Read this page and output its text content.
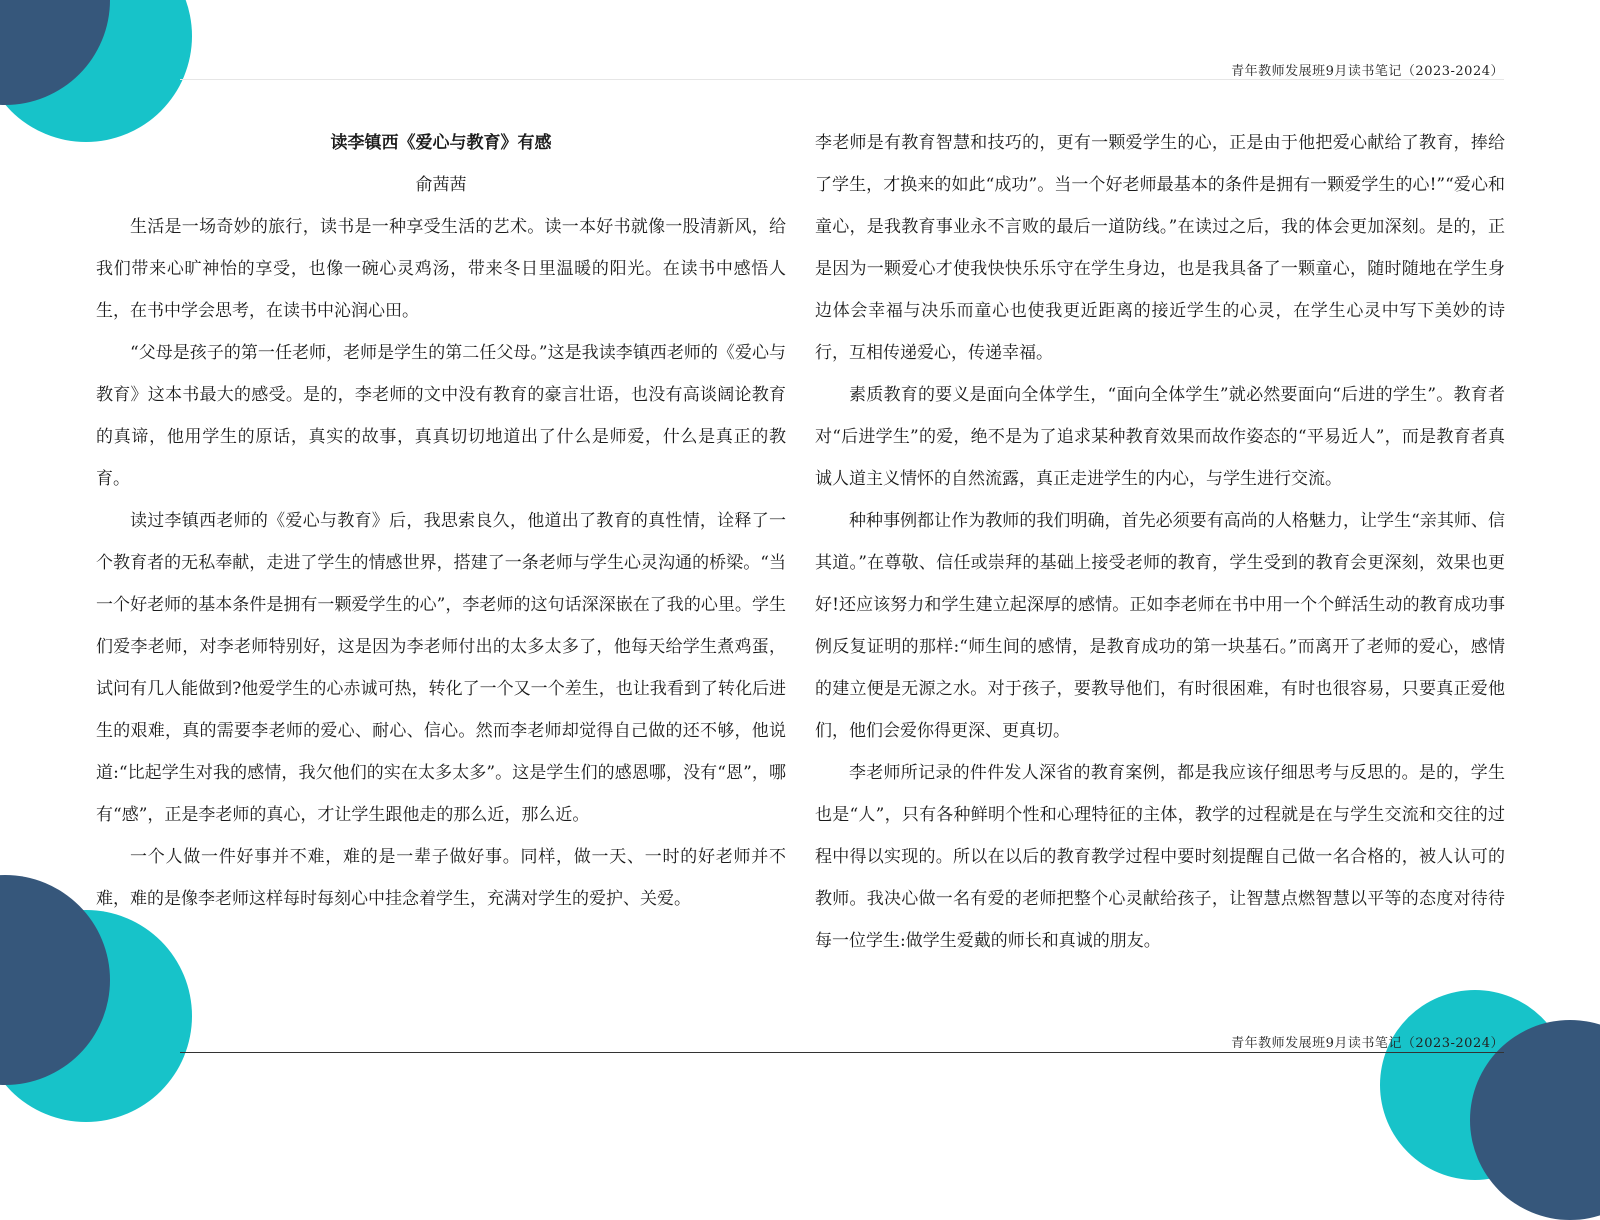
青年教师发展班9月读书笔记（2023-2024）

读李镇西《爱心与教育》有感

俞茜茜

生活是一场奇妙的旅行，读书是一种享受生活的艺术。读一本好书就像一股清新风，给我们带来心旷神怡的享受，也像一碗心灵鸡汤，带来冬日里温暖的阳光。在读书中感悟人生，在书中学会思考，在读书中沁润心田。

“父母是孩子的第一任老师，老师是学生的第二任父母。”这是我读李镇西老师的《爱心与教育》这本书最大的感受。是的，李老师的文中没有教育的豪言壮语，也没有高谈阔论教育的真谛，他用学生的原话，真实的故事，真真切切地道出了什么是师爱，什么是真正的教育。

读过李镇西老师的《爱心与教育》后，我思索良久，他道出了教育的真性情，诠释了一个教育者的无私奉献，走进了学生的情感世界，搭建了一条老师与学生心灵沟通的桥梁。“当一个好老师的基本条件是拥有一颗爱学生的心”，李老师的这句话深深嵌在了我的心里。学生们爱李老师，对李老师特别好，这是因为李老师付出的太多太多了，他每天给学生煮鸡蛋，试问有几人能做到?他爱学生的心赤诚可热，转化了一个又一个差生，也让我看到了转化后进生的艰难，真的需要李老师的爱心、耐心、信心。然而李老师却觉得自己做的还不够，他说道:“比起学生对我的感情，我欠他们的实在太多太多”。这是学生们的感恩哪，没有“恩”，哪有“感”，正是李老师的真心，才让学生跟他走的那么近，那么近。

一个人做一件好事并不难，难的是一辈子做好事。同样，做一天、一时的好老师并不难，难的是像李老师这样每时每刻心中挂念着学生，充满对学生的爱护、关爱。

李老师是有教育智慧和技巧的，更有一颗爱学生的心，正是由于他把爱心献给了教育，捧给了学生，才换来的如此“成功”。当一个好老师最基本的条件是拥有一颗爱学生的心!”“爱心和童心，是我教育事业永不言败的最后一道防线。”在读过之后，我的体会更加深刻。是的，正是因为一颗爱心才使我快快乐乐守在学生身边，也是我具备了一颗童心，随时随地在学生身边体会幸福与决乐而童心也使我更近距离的接近学生的心灵，在学生心灵中写下美妙的诗行，互相传递爱心，传递幸福。

素质教育的要义是面向全体学生，“面向全体学生”就必然要面向“后进的学生”。教育者对“后进学生”的爱，绝不是为了追求某种教育效果而故作姿态的“平易近人”，而是教育者真诚人道主义情怀的自然流露，真正走进学生的内心，与学生进行交流。

种种事例都让作为教师的我们明确，首先必须要有高尚的人格魅力，让学生“亲其师、信其道。”在尊敬、信任或崇拜的基础上接受老师的教育，学生受到的教育会更深刻，效果也更好!还应该努力和学生建立起深厚的感情。正如李老师在书中用一个个鲜活生动的教育成功事例反复证明的那样:“师生间的感情，是教育成功的第一块基石。”而离开了老师的爱心，感情的建立便是无源之水。对于孩子，要教导他们，有时很困难，有时也很容易，只要真正爱他们，他们会爱你得更深、更真切。

李老师所记录的件件发人深省的教育案例，都是我应该仔细思考与反思的。是的，学生也是“人”，只有各种鲜明个性和心理特征的主体，教学的过程就是在与学生交流和交往的过程中得以实现的。所以在以后的教育教学过程中要时刻提醒自己做一名合格的，被人认可的教师。我决心做一名有爱的老师把整个心灵献给孩子，让智慧点燃智慧以平等的态度对待待每一位学生:做学生爱戴的师长和真诚的朋友。

青年教师发展班9月读书笔记（2023-2024）
